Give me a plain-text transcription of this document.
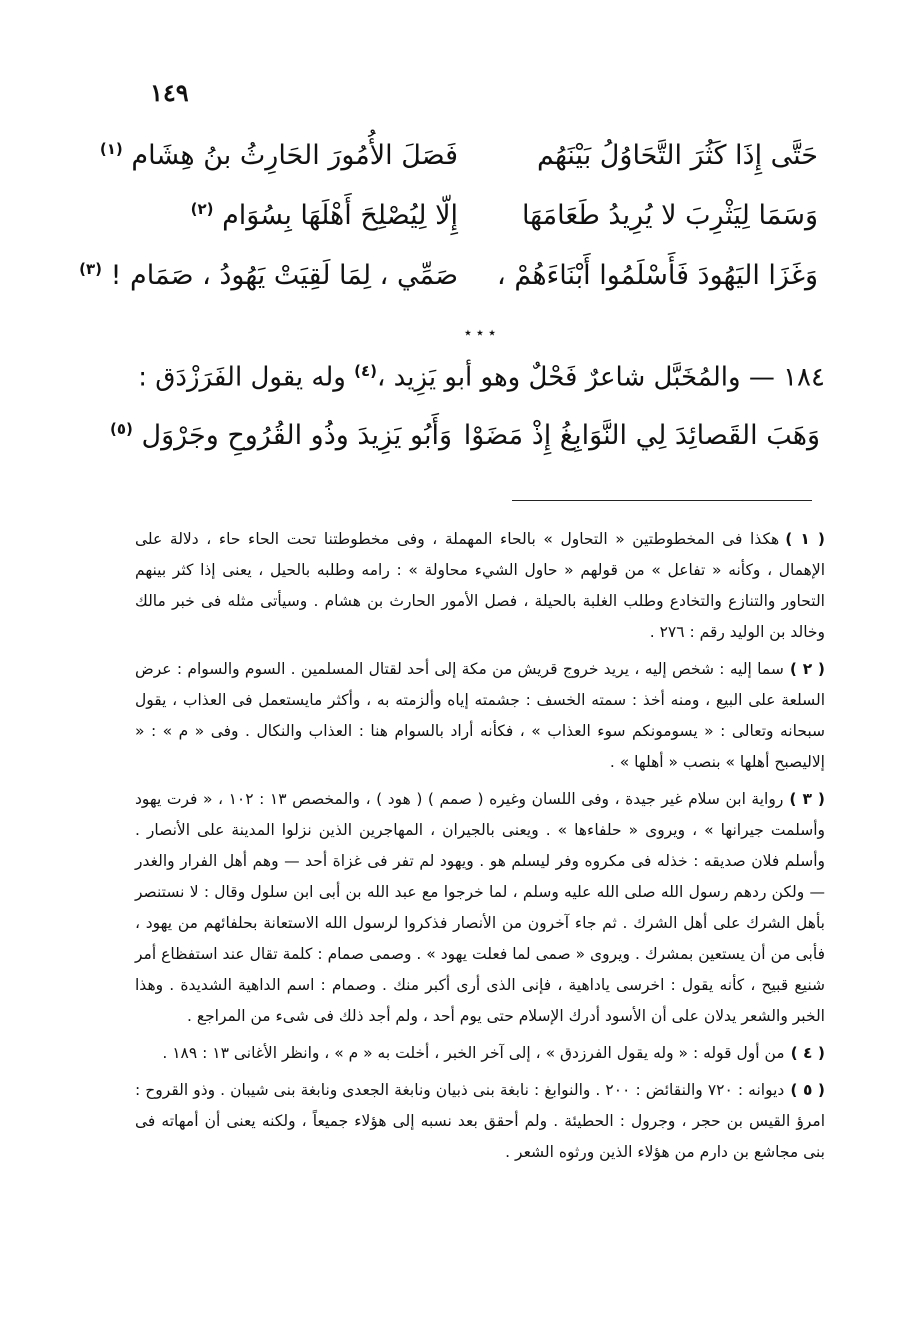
١٤٩
حَتَّى إِذَا كَثُرَ التَّحَاوُلُ بَيْنَهُم
فَصَلَ الأُمُورَ الحَارِثُ بنُ هِشَام $^{(١)}$
وَسَمَا لِيَثْرِبَ لا يُرِيدُ طَعَامَهَا
إِلّا لِيُصْلِحَ أَهْلَهَا بِسُوَام $^{(٢)}$
وَغَزَا اليَهُودَ فَأَسْلَمُوا أَبْنَاءَهُمْ ،
صَمِّي ، لِمَا لَقِيَتْ يَهُودُ ، صَمَام ! $^{(٣)}$
٭ ٭ ٭
١٨٤ — والمُخَبَّل شاعرٌ فَحْلٌ وهو أبو يَزِيد ،$^{(٤)}$ وله يقول الفَرَزْدَق :
وَهَبَ القَصائِدَ لِي النَّوَابِغُ إِذْ مَضَوْا
وَأَبُو يَزِيدَ وذُو القُرُوحِ وجَرْوَل $^{(٥)}$

( ١ )هكذا فى المخطوطتين « التحاول » بالحاء المهملة ، وفى مخطوطتنا تحت الحاء حاء ، دلالة على الإهمال ، وكأنه « تفاعل » من قولهم « حاول الشيء محاولة » : رامه وطلبه بالحيل ، يعنى إذا كثر بينهم التحاور والتنازع والتخادع وطلب الغلبة بالحيلة ، فصل الأمور الحارث بن هشام . وسيأتى مثله فى خبر مالك وخالد بن الوليد رقم : ٢٧٦ .

( ٢ )سما إليه : شخص إليه ، يريد خروج قريش من مكة إلى أحد لقتال المسلمين . السوم والسوام : عرض السلعة على البيع ، ومنه أخذ : سمته الخسف : جشمته إياه وألزمته به ، وأكثر مايستعمل فى العذاب ، يقول سبحانه وتعالى : « يسومونكم سوء العذاب » ، فكأنه أراد بالسوام هنا : العذاب والنكال . وفى « م » : « إلاليصبح أهلها » بنصب « أهلها » .

( ٣ )رواية ابن سلام غير جيدة ، وفى اللسان وغيره ( صمم ) ( هود ) ، والمخصص ١٣ : ١٠٢ ، « فرت يهود وأسلمت جيرانها » ، ويروى « حلفاءها » . ويعنى بالجيران ، المهاجرين الذين نزلوا المدينة على الأنصار . وأسلم فلان صديقه : خذله فى مكروه وفر ليسلم هو . ويهود لم تفر فى غزاة أحد — وهم أهل الفرار والغدر — ولكن ردهم رسول الله صلى الله عليه وسلم ، لما خرجوا مع عبد الله بن أبى ابن سلول وقال : لا نستنصر بأهل الشرك على أهل الشرك . ثم جاء آخرون من الأنصار فذكروا لرسول الله الاستعانة بحلفائهم من يهود ، فأبى من أن يستعين بمشرك . ويروى « صمى لما فعلت يهود » . وصمى صمام : كلمة تقال عند استفظاع أمر شنيع قبيح ، كأنه يقول : اخرسى ياداهية ، فإنى الذى أرى أكبر منك . وصمام : اسم الداهية الشديدة . وهذا الخبر والشعر يدلان على أن الأسود أدرك الإسلام حتى يوم أحد ، ولم أجد ذلك فى شىء من المراجع .

( ٤ )من أول قوله : « وله يقول الفرزدق » ، إلى آخر الخبر ، أخلت به « م » ، وانظر الأغانى ١٣ : ١٨٩ .

( ٥ )ديوانه : ٧٢٠ والنقائض : ٢٠٠ . والنوابغ : نابغة بنى ذبيان ونابغة الجعدى ونابغة بنى شيبان . وذو القروح : امرؤ القيس بن حجر ، وجرول : الحطيئة . ولم أحقق بعد نسبه إلى هؤلاء جميعاً ، ولكنه يعنى أن أمهاته فى بنى مجاشع بن دارم من هؤلاء الذين ورثوه الشعر .
